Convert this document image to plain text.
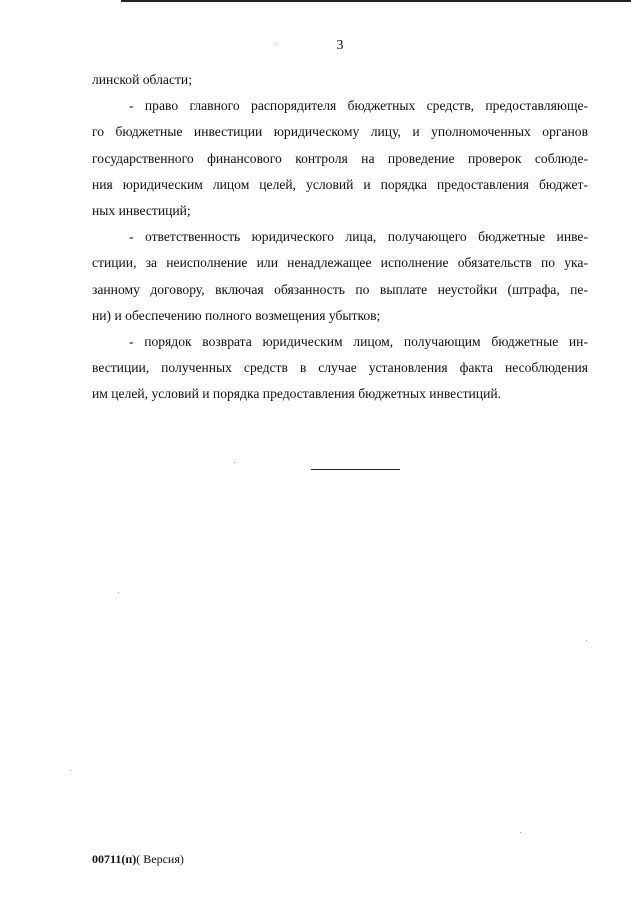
3
линской области;
- право главного распорядителя бюджетных средств, предоставляюще-
го бюджетные инвестиции юридическому лицу, и уполномоченных органов
государственного финансового контроля на проведение проверок соблюде-
ния юридическим лицом целей, условий и порядка предоставления бюджет-
ных инвестиций;
- ответственность юридического лица, получающего бюджетные инве-
стиции, за неисполнение или ненадлежащее исполнение обязательств по ука-
занному договору, включая обязанность по выплате неустойки (штрафа, пе-
ни) и обеспечению полного возмещения убытков;
- порядок возврата юридическим лицом, получающим бюджетные ин-
вестиции, полученных средств в случае установления факта несоблюдения
им целей, условий и порядка предоставления бюджетных инвестиций.
00711(п)( Версия)
